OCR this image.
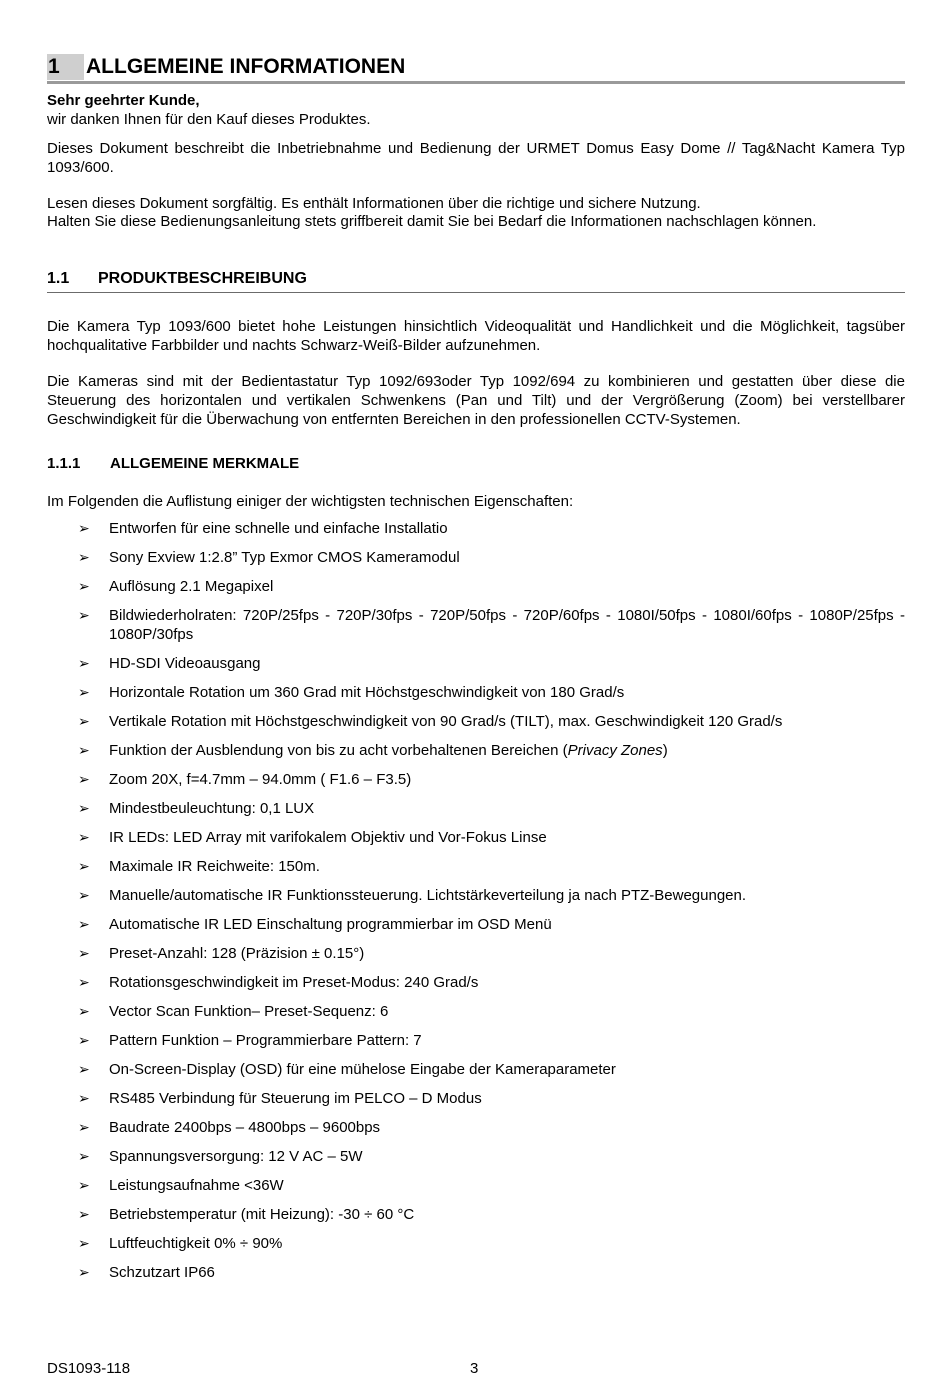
1	ALLGEMEINE INFORMATIONEN
Sehr geehrter Kunde,
wir danken Ihnen für den Kauf dieses Produktes.
Dieses Dokument beschreibt die Inbetriebnahme und Bedienung der URMET Domus Easy Dome // Tag&Nacht Kamera Typ 1093/600.
Lesen dieses Dokument sorgfältig. Es enthält Informationen über die richtige und sichere Nutzung.
Halten Sie diese Bedienungsanleitung stets griffbereit damit Sie bei Bedarf die Informationen nachschlagen können.
1.1 PRODUKTBESCHREIBUNG
Die Kamera Typ 1093/600 bietet hohe Leistungen hinsichtlich Videoqualität und Handlichkeit und die Möglichkeit, tagsüber hochqualitative Farbbilder und nachts Schwarz-Weiß-Bilder aufzunehmen.
Die Kameras sind mit der Bedientastatur Typ 1092/693oder Typ 1092/694 zu kombinieren und gestatten über diese die Steuerung des horizontalen und vertikalen Schwenkens (Pan und Tilt) und der Vergrößerung (Zoom) bei verstellbarer Geschwindigkeit für die Überwachung von entfernten Bereichen in den professionellen CCTV-Systemen.
1.1.1 ALLGEMEINE MERKMALE
Im Folgenden die Auflistung einiger der wichtigsten technischen Eigenschaften:
➢ Entworfen für eine schnelle und einfache Installatio
➢ Sony Exview 1:2.8” Typ Exmor CMOS Kameramodul
➢ Auflösung 2.1 Megapixel
➢ Bildwiederholraten: 720P/25fps - 720P/30fps - 720P/50fps - 720P/60fps - 1080I/50fps - 1080I/60fps - 1080P/25fps - 1080P/30fps
➢ HD-SDI Videoausgang
➢ Horizontale Rotation um 360 Grad mit Höchstgeschwindigkeit von 180 Grad/s
➢ Vertikale Rotation mit Höchstgeschwindigkeit von 90 Grad/s (TILT), max. Geschwindigkeit 120 Grad/s
➢ Funktion der Ausblendung von bis zu acht vorbehaltenen Bereichen (Privacy Zones)
➢ Zoom 20X, f=4.7mm – 94.0mm ( F1.6 – F3.5)
➢ Mindestbeuleuchtung: 0,1 LUX
➢ IR LEDs: LED Array mit varifokalem Objektiv und Vor-Fokus Linse
➢ Maximale IR Reichweite: 150m.
➢ Manuelle/automatische IR Funktionssteuerung. Lichtstärkeverteilung ja nach PTZ-Bewegungen.
➢ Automatische IR LED Einschaltung programmierbar im OSD Menü
➢ Preset-Anzahl: 128 (Präzision ± 0.15°)
➢ Rotationsgeschwindigkeit im Preset-Modus: 240 Grad/s
➢ Vector Scan Funktion– Preset-Sequenz: 6
➢ Pattern Funktion – Programmierbare Pattern: 7
➢ On-Screen-Display (OSD) für eine mühelose Eingabe der Kameraparameter
➢ RS485 Verbindung für Steuerung im PELCO – D Modus
➢ Baudrate 2400bps – 4800bps – 9600bps
➢ Spannungsversorgung: 12 V AC – 5W
➢ Leistungsaufnahme <36W
➢ Betriebstemperatur (mit Heizung): -30 ÷ 60 °C
➢ Luftfeuchtigkeit 0% ÷ 90%
➢ Schzutzart IP66
DS1093-118	3
